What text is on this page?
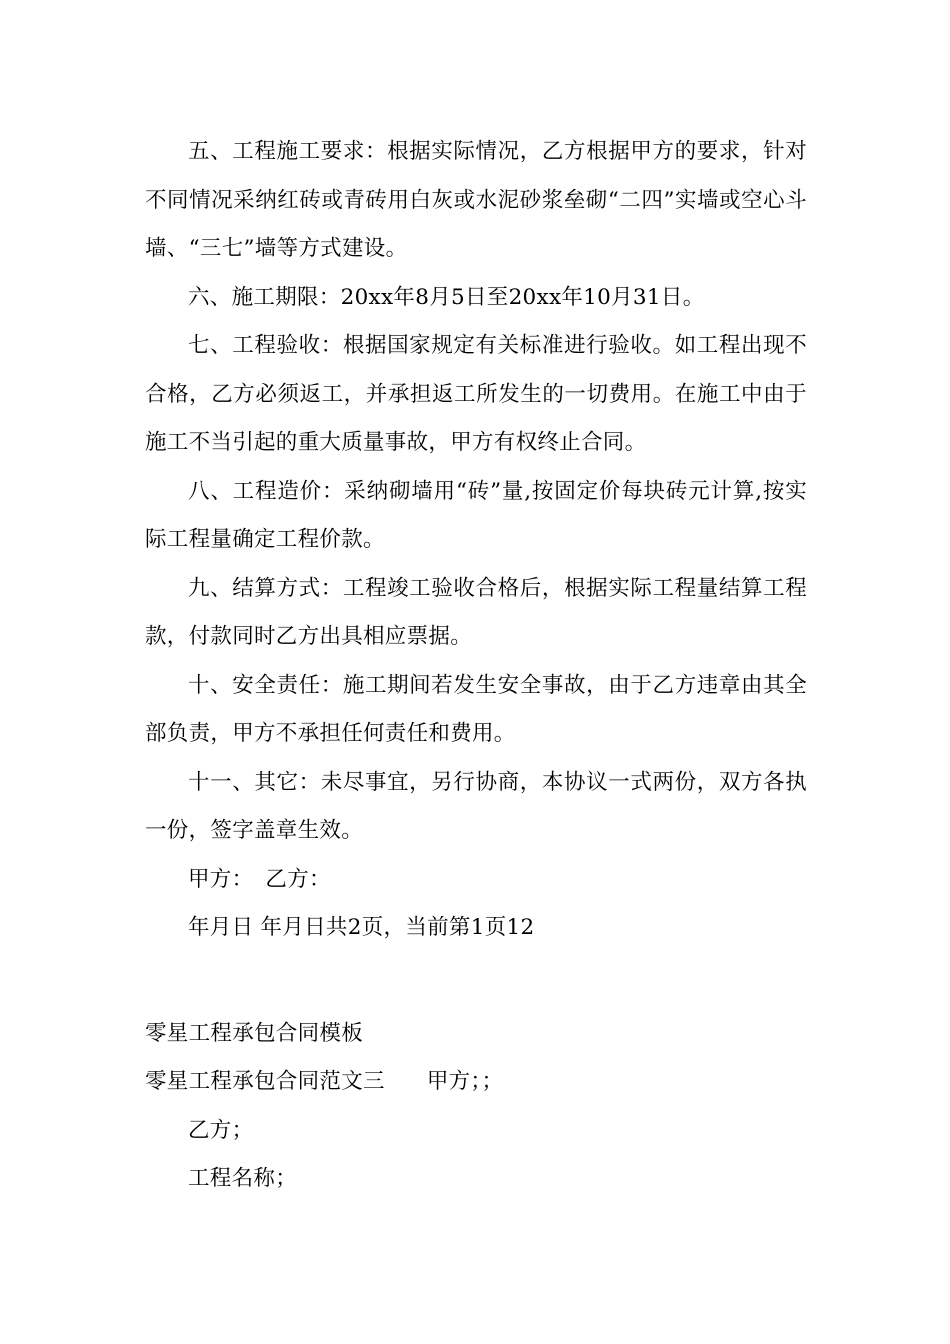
五、工程施工要求：根据实际情况，乙方根据甲方的要求，针对不同情况采纳红砖或青砖用白灰或水泥砂浆垒砌“二四”实墙或空心斗墙、“三七”墙等方式建设。

六、施工期限：20xx年8月5日至20xx年10月31日。

七、工程验收：根据国家规定有关标准进行验收。如工程出现不合格，乙方必须返工，并承担返工所发生的一切费用。在施工中由于施工不当引起的重大质量事故，甲方有权终止合同。

八、工程造价：采纳砌墙用“砖”量,按固定价每块砖元计算,按实际工程量确定工程价款。

九、结算方式：工程竣工验收合格后，根据实际工程量结算工程款，付款同时乙方出具相应票据。

十、安全责任：施工期间若发生安全事故，由于乙方违章由其全部负责，甲方不承担任何责任和费用。

十一、其它：未尽事宜，另行协商，本协议一式两份，双方各执一份，签字盖章生效。

甲方： 乙方：

年月日 年月日共2页，当前第1页12

零星工程承包合同模板

零星工程承包合同范文三 甲方；；

乙方；

工程名称；
